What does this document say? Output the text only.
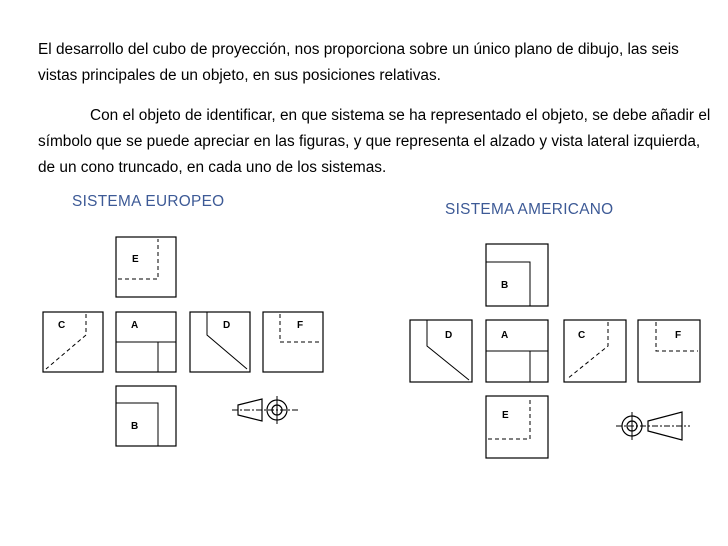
El desarrollo del cubo de proyección, nos proporciona sobre un único plano de dibujo, las seis vistas principales de un objeto, en sus posiciones relativas.

Con el objeto de identificar, en que sistema se ha representado el objeto, se debe añadir el símbolo que se puede apreciar en las figuras, y que representa el alzado y vista lateral izquierda, de un cono truncado, en cada uno de los sistemas.

SISTEMA EUROPEO	SISTEMA AMERICANO
E
C	A	D	F
B
B
D	A	C	F
E
